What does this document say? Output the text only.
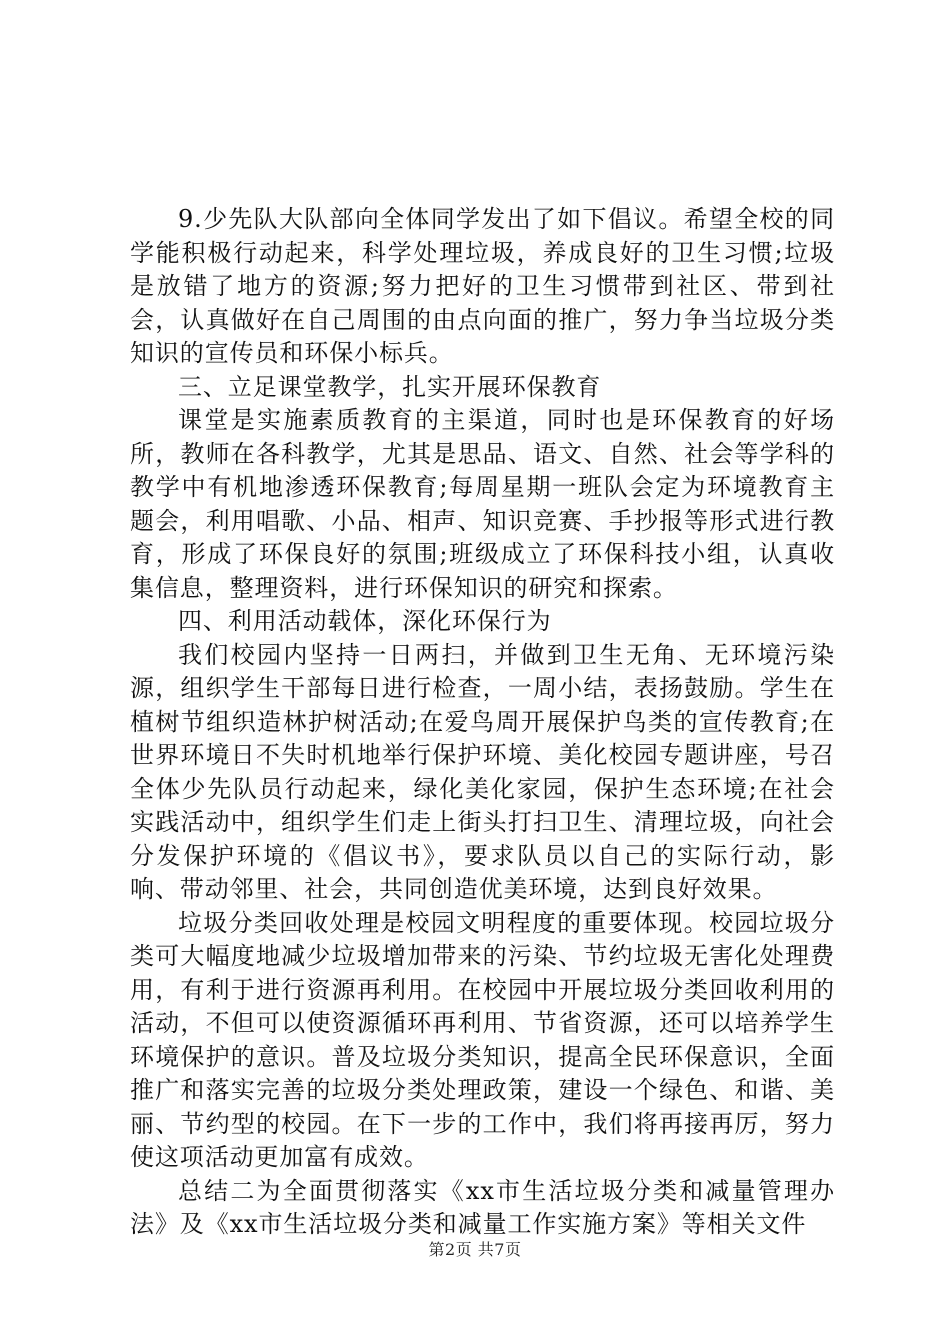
9.少先队大队部向全体同学发出了如下倡议。希望全校的同学能积极行动起来，科学处理垃圾，养成良好的卫生习惯;垃圾是放错了地方的资源;努力把好的卫生习惯带到社区、带到社会，认真做好在自己周围的由点向面的推广，努力争当垃圾分类知识的宣传员和环保小标兵。

三、立足课堂教学，扎实开展环保教育

课堂是实施素质教育的主渠道，同时也是环保教育的好场所，教师在各科教学，尤其是思品、语文、自然、社会等学科的教学中有机地渗透环保教育;每周星期一班队会定为环境教育主题会，利用唱歌、小品、相声、知识竞赛、手抄报等形式进行教育，形成了环保良好的氛围;班级成立了环保科技小组，认真收集信息，整理资料，进行环保知识的研究和探索。

四、利用活动载体，深化环保行为

我们校园内坚持一日两扫，并做到卫生无角、无环境污染源，组织学生干部每日进行检查，一周小结，表扬鼓励。学生在植树节组织造林护树活动;在爱鸟周开展保护鸟类的宣传教育;在世界环境日不失时机地举行保护环境、美化校园专题讲座，号召全体少先队员行动起来，绿化美化家园，保护生态环境;在社会实践活动中，组织学生们走上街头打扫卫生、清理垃圾，向社会分发保护环境的《倡议书》，要求队员以自己的实际行动，影响、带动邻里、社会，共同创造优美环境，达到良好效果。

垃圾分类回收处理是校园文明程度的重要体现。校园垃圾分类可大幅度地减少垃圾增加带来的污染、节约垃圾无害化处理费用，有利于进行资源再利用。在校园中开展垃圾分类回收利用的活动，不但可以使资源循环再利用、节省资源，还可以培养学生环境保护的意识。普及垃圾分类知识，提高全民环保意识，全面推广和落实完善的垃圾分类处理政策，建设一个绿色、和谐、美丽、节约型的校园。在下一步的工作中，我们将再接再厉，努力使这项活动更加富有成效。

总结二为全面贯彻落实《xx市生活垃圾分类和减量管理办法》及《xx市生活垃圾分类和减量工作实施方案》等相关文件

第2页 共7页
